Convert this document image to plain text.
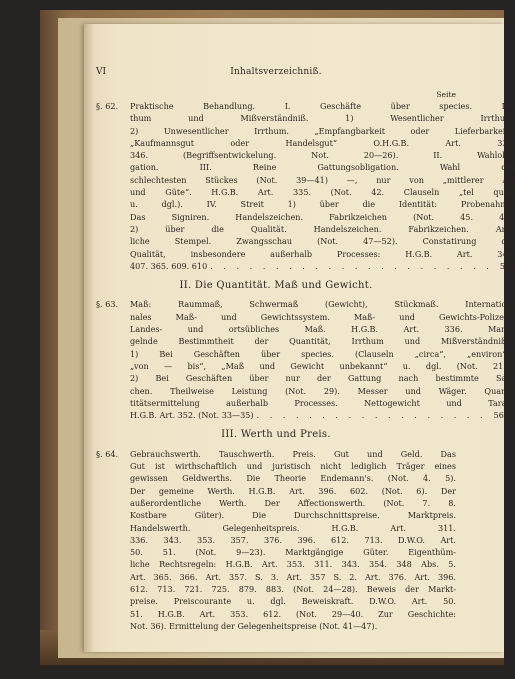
VI	Inhaltsverzeichniß.
Seite
§. 62.	Praktische Behandlung. I. Geschäfte über species. Irr-
thum und Mißverständniß. 1) Wesentlicher Irrthum.
2) Unwesentlicher Irrthum. „Empfangbarkeit oder Lieferbarkeit“.
„Kaufmannsgut oder Handelsgut“ O.H.G.B. Art. 335.
346. (Begriffsentwickelung. Not. 20—26). II. Wahlobli-
gation. III. Reine Gattungsobligation. Wahl des
schlechtesten Stückes (Not. 39—41) —, nur von „mittlerer Art
und Güte“. H.G.B. Art. 335. (Not. 42. Clauseln „tel quel“
u. dgl.). IV. Streit 1) über die Identität: Probenahme.
Das Signiren. Handelszeichen. Fabrikzeichen (Not. 45. 46);
2) über die Qualität. Handelszeichen. Fabrikzeichen. Amt-
liche Stempel. Zwangsschau (Not. 47—52). Constatirung der
Qualität, insbesondere außerhalb Processes: H.G.B. Art. 348.
407. 365. 609. 610 . . . . . . . . . . . . . . . . . . . . . . 544
II. Die Quantität. Maß und Gewicht.
§. 63.	Maß: Raummaß, Schwermaß (Gewicht), Stückmaß. Internatio-
nales Maß- und Gewichtssystem. Maß- und Gewichts-Polizei.
Landes- und ortsübliches Maß. H.G.B. Art. 336. Man-
gelnde Bestimmtheit der Quantität, Irrthum und Mißverständniß:
1) Bei Geschäften über species. (Clauseln „circa“, „environ“,
„von — bis“, „Maß und Gewicht unbekannt“ u. dgl. (Not. 21).
2) Bei Geschäften über nur der Gattung nach bestimmte Sa-
chen. Theilweise Leistung (Not. 29). Messer und Wäger. Quan-
titätsermittelung außerhalb Processes. Nettogewicht und Tara.
H.G.B. Art. 352. (Not. 33—35) . . . . . . . . . . . . . . . . . . 564
III. Werth und Preis.
§. 64.	Gebrauchswerth. Tauschwerth. Preis. Gut und Geld. Das
Gut ist wirthschaftlich und juristisch nicht lediglich Träger eines
gewissen Geldwerths. Die Theorie Endemann's. (Not. 4. 5).
Der gemeine Werth. H.G.B. Art. 396. 602. (Not. 6). Der
außerordentliche Werth. Der Affectionswerth. (Not. 7. 8.
Kostbare Güter). Die Durchschnittspreise. Marktpreis.
Handelswerth. Gelegenheitspreis. H.G.B. Art. 311.
336. 343. 353. 357. 376. 396. 612. 713. D.W.O. Art.
50. 51. (Not. 9—23). Marktgängige Güter. Eigenthüm-
liche Rechtsregeln: H.G.B. Art. 353. 311. 343. 354. 348 Abs. 5.
Art. 365. 366. Art. 357. S. 3. Art. 357 S. 2. Art. 376. Art. 396.
612. 713. 721. 725. 879. 883. (Not. 24—28). Beweis der Markt-
preise. Preiscourante u. dgl. Beweiskraft. D.W.O. Art. 50.
51. H.G.B. Art. 353. 612. (Not. 29—40. Zur Geschichte:
Not. 36). Ermittelung der Gelegenheitspreise (Not. 41—47).
